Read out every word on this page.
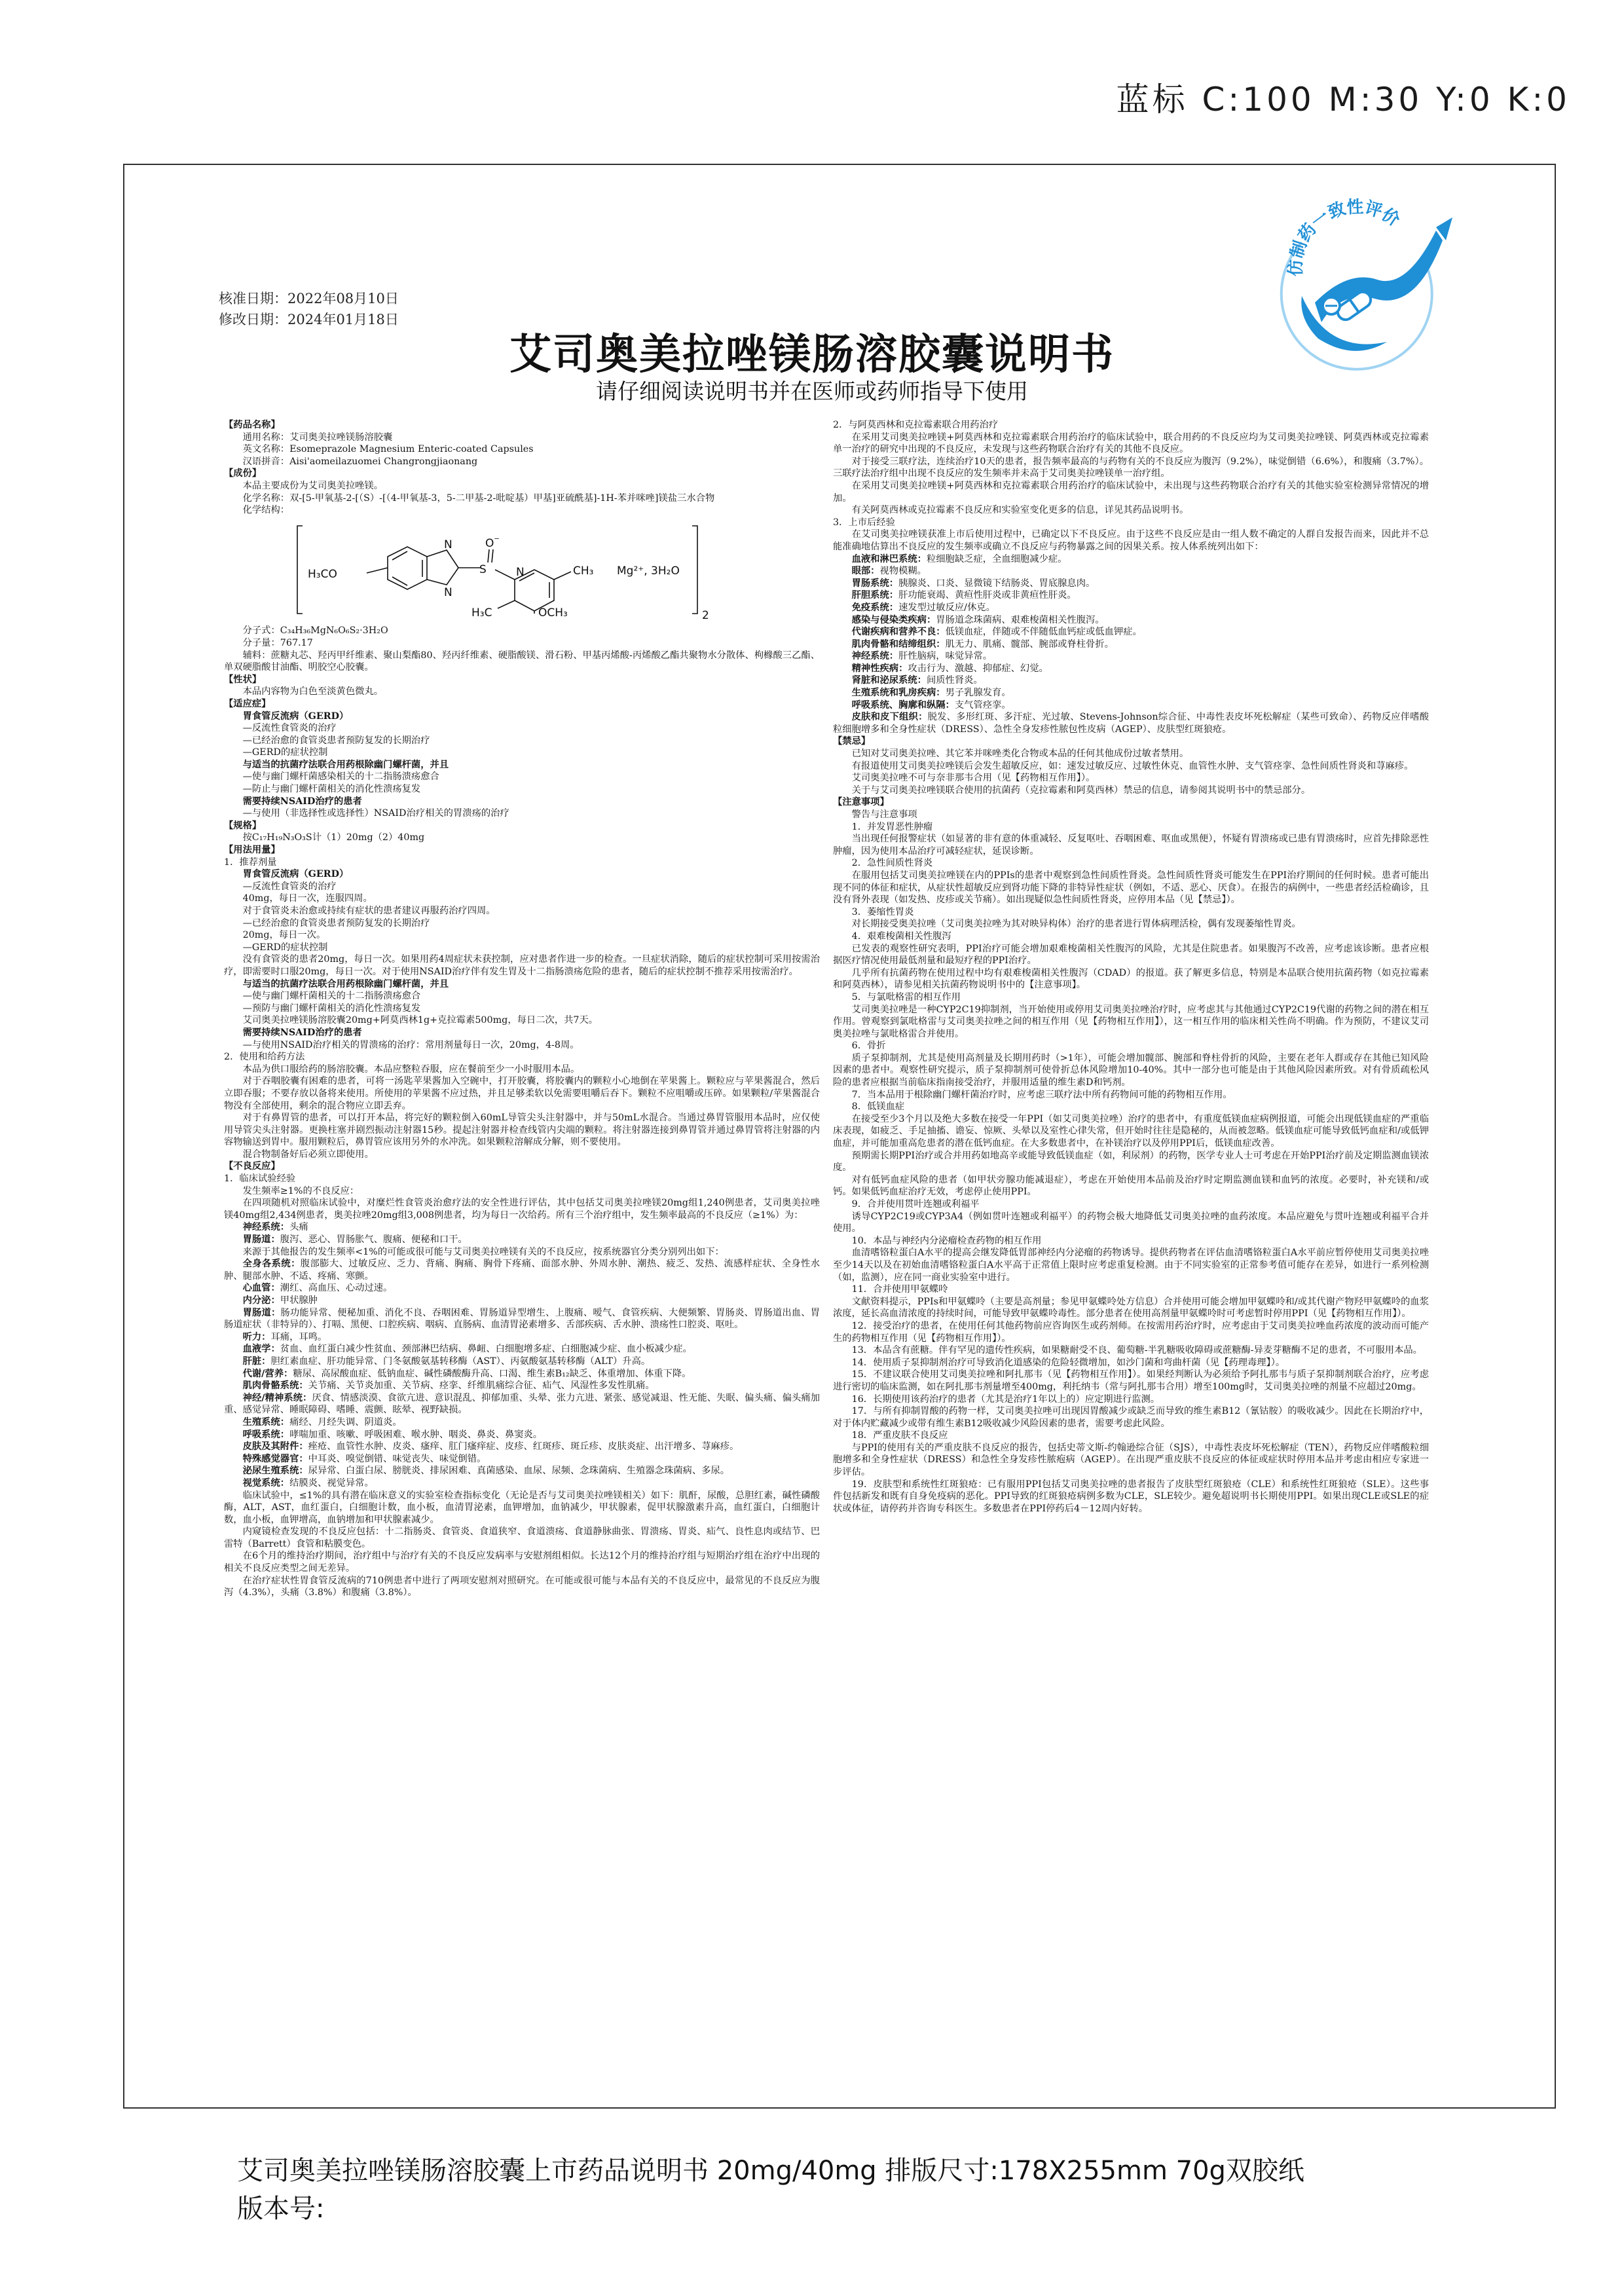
蓝标 C:100 M:30 Y:0 K:0
仿制药一致性评价
核准日期：2022年08月10日
修改日期：2024年01月18日
艾司奥美拉唑镁肠溶胶囊说明书
请仔细阅读说明书并在医师或药师指导下使用

【药品名称】

通用名称：艾司奥美拉唑镁肠溶胶囊

英文名称：Esomeprazole Magnesium Enteric-coated Capsules

汉语拼音：Aisi'aomeilazuomei Changrongjiaonang

【成份】

本品主要成份为艾司奥美拉唑镁。

化学名称：双-[5-甲氧基-2-[（S）-[（4-甲氧基-3，5-二甲基-2-吡啶基）甲基]亚硫酰基]-1H-苯并咪唑]镁盐三水合物

化学结构：

H₃CO	S
O ⁻
N
N
N	CH₃
H₃C	OCH₃	2
Mg²⁺, 3H₂O

分子式：C₃₄H₃₆MgN₆O₆S₂·3H₂O

分子量：767.17

辅料：蔗糖丸芯、羟丙甲纤维素、聚山梨酯80、羟丙纤维素、硬脂酸镁、滑石粉、甲基丙烯酸-丙烯酸乙酯共聚物水分散体、枸橼酸三乙酯、单双硬脂酸甘油酯、明胶空心胶囊。

【性状】

本品内容物为白色至淡黄色微丸。

【适应症】

胃食管反流病（GERD）

—反流性食管炎的治疗

—已经治愈的食管炎患者预防复发的长期治疗

—GERD的症状控制

与适当的抗菌疗法联合用药根除幽门螺杆菌，并且

—使与幽门螺杆菌感染相关的十二指肠溃疡愈合

—防止与幽门螺杆菌相关的消化性溃疡复发

需要持续NSAID治疗的患者

—与使用（非选择性或选择性）NSAID治疗相关的胃溃疡的治疗

【规格】

按C₁₇H₁₉N₃O₃S计（1）20mg（2）40mg

【用法用量】

1．推荐剂量

胃食管反流病（GERD）

—反流性食管炎的治疗

40mg，每日一次，连服四周。

对于食管炎未治愈或持续有症状的患者建议再服药治疗四周。

—已经治愈的食管炎患者预防复发的长期治疗

20mg，每日一次。

—GERD的症状控制

没有食管炎的患者20mg，每日一次。如果用药4周症状未获控制，应对患者作进一步的检查。一旦症状消除，随后的症状控制可采用按需治疗，即需要时口服20mg，每日一次。对于使用NSAID治疗伴有发生胃及十二指肠溃疡危险的患者，随后的症状控制不推荐采用按需治疗。

与适当的抗菌疗法联合用药根除幽门螺杆菌，并且

—使与幽门螺杆菌相关的十二指肠溃疡愈合

—预防与幽门螺杆菌相关的消化性溃疡复发

艾司奥美拉唑镁肠溶胶囊20mg+阿莫西林1g+克拉霉素500mg，每日二次，共7天。

需要持续NSAID治疗的患者

—与使用NSAID治疗相关的胃溃疡的治疗：常用剂量每日一次，20mg，4-8周。

2．使用和给药方法

本品为供口服给药的肠溶胶囊。本品应整粒吞服，应在餐前至少一小时服用本品。

对于吞咽胶囊有困难的患者，可将一汤匙苹果酱加入空碗中，打开胶囊，将胶囊内的颗粒小心地倒在苹果酱上。颗粒应与苹果酱混合，然后立即吞服；不要存放以备将来使用。所使用的苹果酱不应过热，并且足够柔软以免需要咀嚼后吞下。颗粒不应咀嚼或压碎。如果颗粒/苹果酱混合物没有全部使用，剩余的混合物应立即丢弃。

对于有鼻胃管的患者，可以打开本品，将完好的颗粒倒入60mL导管尖头注射器中，并与50mL水混合。当通过鼻胃管服用本品时，应仅使用导管尖头注射器。更换柱塞并剧烈振动注射器15秒。提起注射器并检查线管内尖端的颗粒。将注射器连接到鼻胃管并通过鼻胃管将注射器的内容物输送到胃中。服用颗粒后，鼻胃管应该用另外的水冲洗。如果颗粒溶解成分解，则不要使用。

混合物制备好后必须立即使用。

【不良反应】

1．临床试验经验

发生频率≥1%的不良反应：

在四项随机对照临床试验中，对糜烂性食管炎治愈疗法的安全性进行评估，其中包括艾司奥美拉唑镁20mg组1,240例患者，艾司奥美拉唑镁40mg组2,434例患者，奥美拉唑20mg组3,008例患者，均为每日一次给药。所有三个治疗组中，发生频率最高的不良反应（≥1%）为：

神经系统：头痛

胃肠道：腹泻、恶心、胃肠胀气、腹痛、便秘和口干。

来源于其他报告的发生频率<1%的可能或很可能与艾司奥美拉唑镁有关的不良反应，按系统器官分类分别列出如下：

全身各系统：腹部膨大、过敏反应、乏力、背痛、胸痛、胸骨下疼痛、面部水肿、外周水肿、潮热、疲乏、发热、流感样症状、全身性水肿、腿部水肿、不适、疼痛、寒颤。

心血管：潮红、高血压、心动过速。

内分泌：甲状腺肿

胃肠道：肠功能异常、便秘加重、消化不良、吞咽困难、胃肠道异型增生、上腹痛、嗳气、食管疾病、大便频繁、胃肠炎、胃肠道出血、胃肠道症状（非特异的）、打嗝、黑便、口腔疾病、咽病、直肠病、血清胃泌素增多、舌部疾病、舌水肿、溃疡性口腔炎、呕吐。

听力：耳痛，耳鸣。

血液学：贫血、血红蛋白减少性贫血、颈部淋巴结病、鼻衄、白细胞增多症、白细胞减少症、血小板减少症。

肝脏：胆红素血症、肝功能异常、门冬氨酸氨基转移酶（AST）、丙氨酸氨基转移酶（ALT）升高。

代谢/营养：糖尿、高尿酸血症、低钠血症、碱性磷酸酶升高、口渴、维生素B₁₂缺乏、体重增加、体重下降。

肌肉骨骼系统：关节痛、关节炎加重、关节病、痉挛、纤维肌痛综合征、疝气、风湿性多发性肌痛。

神经/精神系统：厌食、情感淡漠、食欲亢进、意识混乱、抑郁加重、头晕、张力亢进、紧张、感觉减退、性无能、失眠、偏头痛、偏头痛加重、感觉异常、睡眠障碍、嗜睡、震颤、眩晕、视野缺损。

生殖系统：痛经、月经失调、阴道炎。

呼吸系统：哮喘加重、咳嗽、呼吸困难、喉水肿、咽炎、鼻炎、鼻窦炎。

皮肤及其附件：痤疮、血管性水肿、皮炎、瘙痒、肛门瘙痒症、皮疹、红斑疹、斑丘疹、皮肤炎症、出汗增多、荨麻疹。

特殊感觉器官：中耳炎、嗅觉倒错、味觉丧失、味觉倒错。

泌尿生殖系统：尿异常、白蛋白尿、膀胱炎、排尿困难、真菌感染、血尿、尿频、念珠菌病、生殖器念珠菌病、多尿。

视觉系统：结膜炎、视觉异常。

临床试验中，≤1%的具有潜在临床意义的实验室检查指标变化（无论是否与艾司奥美拉唑镁相关）如下：肌酐，尿酸，总胆红素，碱性磷酸酶，ALT，AST，血红蛋白，白细胞计数，血小板，血清胃泌素，血钾增加，血钠减少，甲状腺素，促甲状腺激素升高，血红蛋白，白细胞计数，血小板，血钾增高，血钠增加和甲状腺素减少。

内窥镜检查发现的不良反应包括：十二指肠炎、食管炎、食道狭窄、食道溃疡、食道静脉曲张、胃溃疡、胃炎、疝气、良性息肉或结节、巴雷特（Barrett）食管和粘膜变色。

在6个月的维持治疗期间，治疗组中与治疗有关的不良反应发病率与安慰剂组相似。长达12个月的维持治疗组与短期治疗组在治疗中出现的相关不良反应类型之间无差异。

在治疗症状性胃食管反流病的710例患者中进行了两项安慰剂对照研究。在可能或很可能与本品有关的不良反应中，最常见的不良反应为腹泻（4.3%），头痛（3.8%）和腹痛（3.8%）。

2．与阿莫西林和克拉霉素联合用药治疗

在采用艾司奥美拉唑镁+阿莫西林和克拉霉素联合用药治疗的临床试验中，联合用药的不良反应均为艾司奥美拉唑镁、阿莫西林或克拉霉素单一治疗的研究中出现的不良反应，未发现与这些药物联合治疗有关的其他不良反应。

对于接受三联疗法，连续治疗10天的患者，报告频率最高的与药物有关的不良反应为腹泻（9.2%），味觉倒错（6.6%），和腹痛（3.7%）。三联疗法治疗组中出现不良反应的发生频率并未高于艾司奥美拉唑镁单一治疗组。

在采用艾司奥美拉唑镁+阿莫西林和克拉霉素联合用药治疗的临床试验中，未出现与这些药物联合治疗有关的其他实验室检测异常情况的增加。

有关阿莫西林或克拉霉素不良反应和实验室变化更多的信息，详见其药品说明书。

3．上市后经验

在艾司奥美拉唑镁获准上市后使用过程中，已确定以下不良反应。由于这些不良反应是由一组人数不确定的人群自发报告而来，因此并不总能准确地估算出不良反应的发生频率或确立不良反应与药物暴露之间的因果关系。按人体系统列出如下：

血液和淋巴系统：粒细胞缺乏症，全血细胞减少症。

眼部：视物模糊。

胃肠系统：胰腺炎、口炎、显微镜下结肠炎、胃底腺息肉。

肝胆系统：肝功能衰竭、黄疸性肝炎或非黄疸性肝炎。

免疫系统：速发型过敏反应/休克。

感染与侵染类疾病：胃肠道念珠菌病、艰难梭菌相关性腹泻。

代谢疾病和营养不良：低镁血症，伴随或不伴随低血钙症或低血钾症。

肌肉骨骼和结缔组织：肌无力、肌痛、髋部、腕部或脊柱骨折。

神经系统：肝性脑病，味觉异常。

精神性疾病：攻击行为、激越、抑郁症、幻觉。

肾脏和泌尿系统：间质性肾炎。

生殖系统和乳房疾病：男子乳腺发育。

呼吸系统、胸廓和纵隔：支气管痉挛。

皮肤和皮下组织：脱发、多形红斑、多汗症、光过敏、Stevens-Johnson综合征、中毒性表皮坏死松解症（某些可致命）、药物反应伴嗜酸粒细胞增多和全身性症状（DRESS）、急性全身发疹性脓包性皮病（AGEP）、皮肤型红斑狼疮。

【禁忌】

已知对艾司奥美拉唑、其它苯并咪唑类化合物或本品的任何其他成份过敏者禁用。

有报道使用艾司奥美拉唑镁后会发生超敏反应，如：速发过敏反应、过敏性休克、血管性水肿、支气管痉挛、急性间质性肾炎和荨麻疹。

艾司奥美拉唑不可与奈非那韦合用（见【药物相互作用】）。

关于与艾司奥美拉唑镁联合使用的抗菌药（克拉霉素和阿莫西林）禁忌的信息，请参阅其说明书中的禁忌部分。

【注意事项】

警告与注意事项

1．并发胃恶性肿瘤

当出现任何报警症状（如显著的非有意的体重减轻、反复呕吐、吞咽困难、呕血或黑便），怀疑有胃溃疡或已患有胃溃疡时，应首先排除恶性肿瘤，因为使用本品治疗可减轻症状，延误诊断。

2．急性间质性肾炎

在服用包括艾司奥美拉唑镁在内的PPIs的患者中观察到急性间质性肾炎。急性间质性肾炎可能发生在PPI治疗期间的任何时候。患者可能出现不同的体征和症状，从症状性超敏反应到肾功能下降的非特异性症状（例如，不适、恶心、厌食）。在报告的病例中，一些患者经活检确诊，且没有肾外表现（如发热、皮疹或关节痛）。如出现疑似急性间质性肾炎，应停用本品（见【禁忌】）。

3．萎缩性胃炎

对长期接受奥美拉唑（艾司奥美拉唑为其对映异构体）治疗的患者进行胃体病理活检，偶有发现萎缩性胃炎。

4．艰难梭菌相关性腹泻

已发表的观察性研究表明，PPI治疗可能会增加艰难梭菌相关性腹泻的风险，尤其是住院患者。如果腹泻不改善，应考虑该诊断。患者应根据医疗情况使用最低剂量和最短疗程的PPI治疗。

几乎所有抗菌药物在使用过程中均有艰难梭菌相关性腹泻（CDAD）的报道。获了解更多信息，特别是本品联合使用抗菌药物（如克拉霉素和阿莫西林），请参见相关抗菌药物说明书中的【注意事项】。

5．与氯吡格雷的相互作用

艾司奥美拉唑是一种CYP2C19抑制剂，当开始使用或停用艾司奥美拉唑治疗时，应考虑其与其他通过CYP2C19代谢的药物之间的潜在相互作用。曾观察到氯吡格雷与艾司奥美拉唑之间的相互作用（见【药物相互作用】），这一相互作用的临床相关性尚不明确。作为预防，不建议艾司奥美拉唑与氯吡格雷合并使用。

6．骨折

质子泵抑制剂，尤其是使用高剂量及长期用药时（>1年），可能会增加髋部、腕部和脊柱骨折的风险，主要在老年人群或存在其他已知风险因素的患者中。观察性研究提示，质子泵抑制剂可使骨折总体风险增加10-40%。其中一部分也可能是由于其他风险因素所致。对有骨质疏松风险的患者应根据当前临床指南接受治疗，并服用适量的维生素D和钙剂。

7．当本品用于根除幽门螺杆菌治疗时，应考虑三联疗法中所有药物间可能的药物相互作用。

8．低镁血症

在接受至少3个月以及绝大多数在接受一年PPI（如艾司奥美拉唑）治疗的患者中，有重度低镁血症病例报道，可能会出现低镁血症的严重临床表现，如疲乏、手足抽搐、谵妄、惊厥、头晕以及室性心律失常，但开始时往往是隐秘的，从而被忽略。低镁血症可能导致低钙血症和/或低钾血症，并可能加重高危患者的潜在低钙血症。在大多数患者中，在补镁治疗以及停用PPI后，低镁血症改善。

预期需长期PPI治疗或合并用药如地高辛或能导致低镁血症（如，利尿剂）的药物，医学专业人士可考虑在开始PPI治疗前及定期监测血镁浓度。

对有低钙血症风险的患者（如甲状旁腺功能减退症），考虑在开始使用本品前及治疗时定期监测血镁和血钙的浓度。必要时，补充镁和/或钙。如果低钙血症治疗无效，考虑停止使用PPI。

9．合并使用贯叶连翘或利福平

诱导CYP2C19或CYP3A4（例如贯叶连翘或利福平）的药物会极大地降低艾司奥美拉唑的血药浓度。本品应避免与贯叶连翘或利福平合并使用。

10．本品与神经内分泌瘤检查药物的相互作用

血清嗜铬粒蛋白A水平的提高会继发降低胃部神经内分泌瘤的药物诱导。提供药物者在评估血清嗜铬粒蛋白A水平前应暂停使用艾司奥美拉唑至少14天以及在初始血清嗜铬粒蛋白A水平高于正常值上限时应考虑重复检测。由于不同实验室的正常参考值可能存在差异，如进行一系列检测（如，监测），应在同一商业实验室中进行。

11．合并使用甲氨蝶呤

文献资料提示，PPIs和甲氨蝶呤（主要是高剂量；参见甲氨蝶呤处方信息）合并使用可能会增加甲氨蝶呤和/或其代谢产物羟甲氨蝶呤的血浆浓度，延长高血清浓度的持续时间，可能导致甲氨蝶呤毒性。部分患者在使用高剂量甲氨蝶呤时可考虑暂时停用PPI（见【药物相互作用】）。

12．接受治疗的患者，在使用任何其他药物前应咨询医生或药剂师。在按需用药治疗时，应考虑由于艾司奥美拉唑血药浓度的波动而可能产生的药物相互作用（见【药物相互作用】）。

13．本品含有蔗糖。伴有罕见的遗传性疾病，如果糖耐受不良、葡萄糖-半乳糖吸收障碍或蔗糖酶-异麦芽糖酶不足的患者，不可服用本品。

14．使用质子泵抑制剂治疗可导致消化道感染的危险轻微增加，如沙门菌和弯曲杆菌（见【药理毒理】）。

15．不建议联合使用艾司奥美拉唑和阿扎那韦（见【药物相互作用】）。如果经判断认为必须给予阿扎那韦与质子泵抑制剂联合治疗，应考虑进行密切的临床监测，如在阿扎那韦剂量增至400mg，利托纳韦（常与阿扎那韦合用）增至100mg时，艾司奥美拉唑的剂量不应超过20mg。

16．长期使用该药治疗的患者（尤其是治疗1年以上的）应定期进行监测。

17．与所有抑制胃酸的药物一样，艾司奥美拉唑可出现因胃酸减少或缺乏而导致的维生素B12（氰钴胺）的吸收减少。因此在长期治疗中，对于体内贮藏减少或带有维生素B12吸收减少风险因素的患者，需要考虑此风险。

18．严重皮肤不良反应

与PPI的使用有关的严重皮肤不良反应的报告，包括史蒂文斯-约翰逊综合征（SJS），中毒性表皮坏死松解症（TEN），药物反应伴嗜酸粒细胞增多和全身性症状（DRESS）和急性全身发疹性脓疱病（AGEP）。在出现严重皮肤不良反应的体征或症状时停用本品并考虑由相应专家进一步评估。

19．皮肤型和系统性红斑狼疮：已有服用PPI包括艾司奥美拉唑的患者报告了皮肤型红斑狼疮（CLE）和系统性红斑狼疮（SLE）。这些事件包括新发和既有自身免疫病的恶化。PPI导致的红斑狼疮病例多数为CLE，SLE较少。避免超说明书长期使用PPI。如果出现CLE或SLE的症状或体征，请停药并咨询专科医生。多数患者在PPI停药后4－12周内好转。

艾司奥美拉唑镁肠溶胶囊上市药品说明书 20mg/40mg 排版尺寸:178X255mm 70g双胶纸
版本号:
